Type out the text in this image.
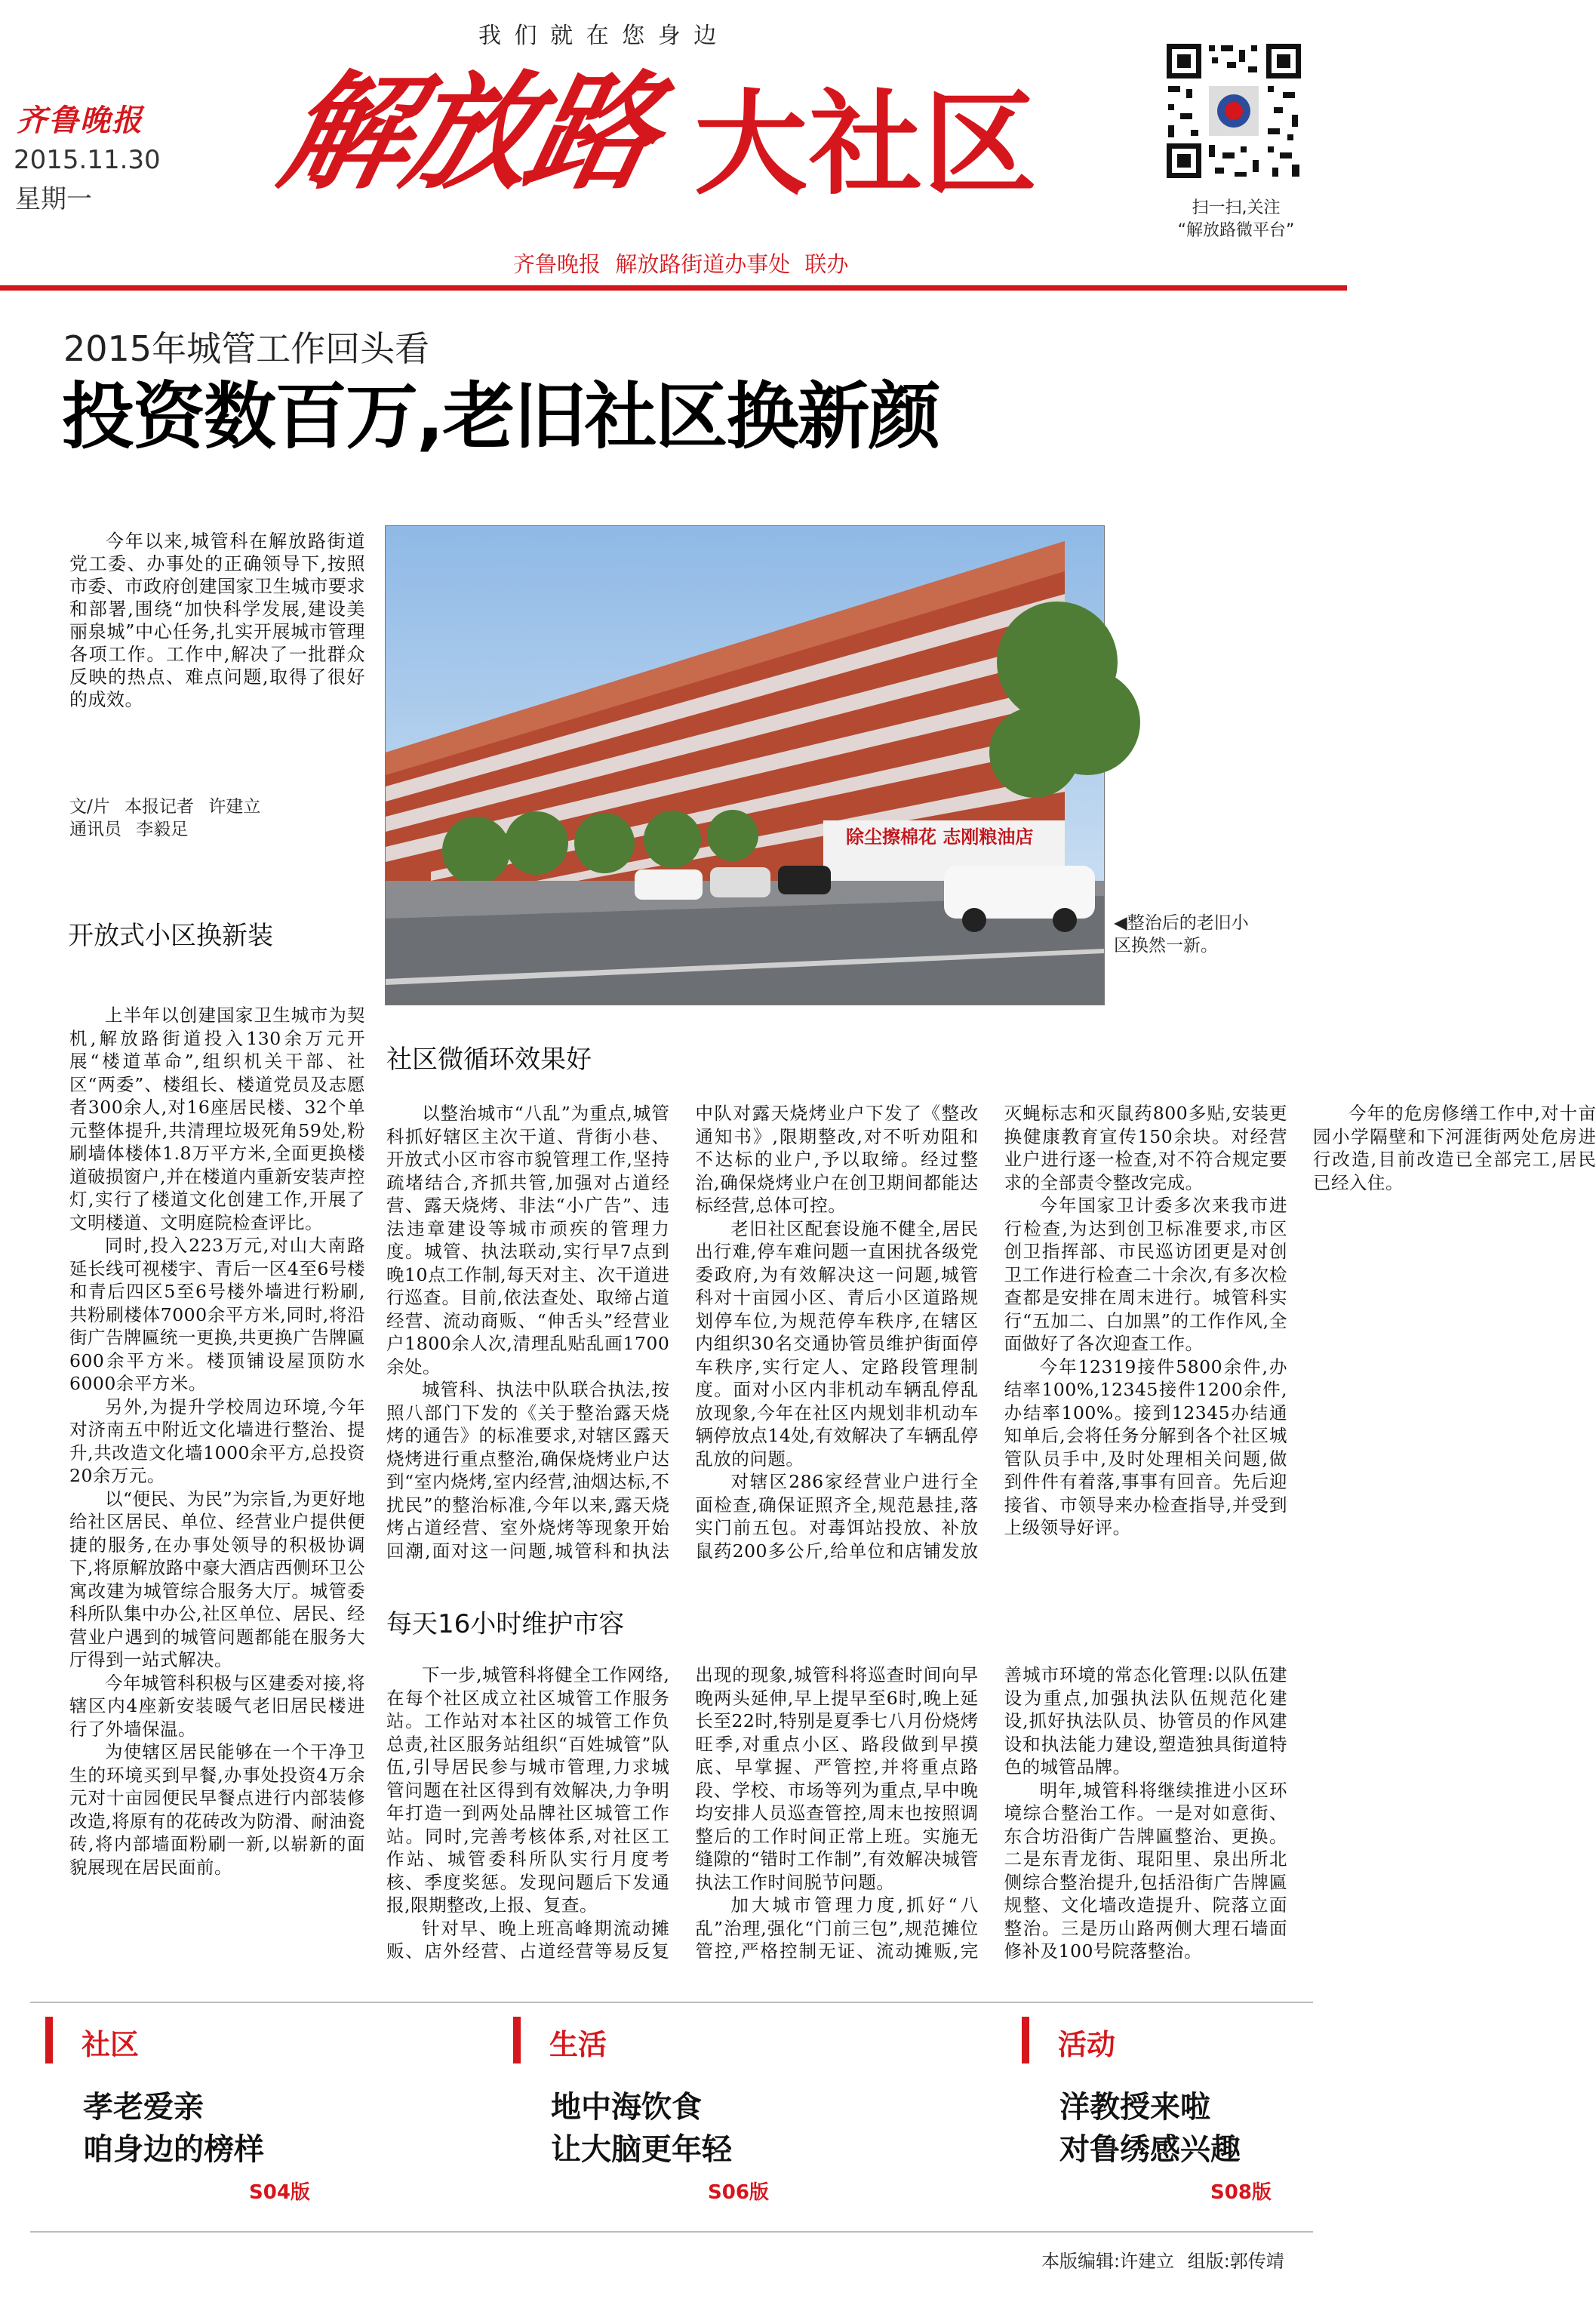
我 们 就 在 您 身 边
齐鲁晚报
2015.11.30
星期一 解放路 大社区
齐鲁晚报 解放路街道办事处 联办
扫一扫,关注
“解放路微平台”
2015年城管工作回头看
投资数百万,老旧社区换新颜

今年以来,城管科在解放路街道党工委、办事处的正确领导下,按照市委、市政府创建国家卫生城市要求和部署,围绕“加快科学发展,建设美丽泉城”中心任务,扎实开展城市管理各项工作。工作中,解决了一批群众反映的热点、难点问题,取得了很好的成效。

文/片 本报记者 许建立
通讯员 李毅足	除尘擦棉花 志刚粮油店
◀整治后的老旧小区换然一新。
开放式小区换新装

上半年以创建国家卫生城市为契机,解放路街道投入130余万元开展“楼道革命”,组织机关干部、社区“两委”、楼组长、楼道党员及志愿者300余人,对16座居民楼、32个单元整体提升,共清理垃圾死角59处,粉刷墙体楼体1.8万平方米,全面更换楼道破损窗户,并在楼道内重新安装声控灯,实行了楼道文化创建工作,开展了文明楼道、文明庭院检查评比。

同时,投入223万元,对山大南路延长线可视楼宇、青后一区4至6号楼和青后四区5至6号楼外墙进行粉刷,共粉刷楼体7000余平方米,同时,将沿街广告牌匾统一更换,共更换广告牌匾600余平方米。楼顶铺设屋顶防水6000余平方米。

另外,为提升学校周边环境,今年对济南五中附近文化墙进行整治、提升,共改造文化墙1000余平方,总投资20余万元。

以“便民、为民”为宗旨,为更好地给社区居民、单位、经营业户提供便捷的服务,在办事处领导的积极协调下,将原解放路中豪大酒店西侧环卫公寓改建为城管综合服务大厅。城管委科所队集中办公,社区单位、居民、经营业户遇到的城管问题都能在服务大厅得到一站式解决。

今年城管科积极与区建委对接,将辖区内4座新安装暖气老旧居民楼进行了外墙保温。

为使辖区居民能够在一个干净卫生的环境买到早餐,办事处投资4万余元对十亩园便民早餐点进行内部装修改造,将原有的花砖改为防滑、耐油瓷砖,将内部墙面粉刷一新,以崭新的面貌展现在居民面前。

社区微循环效果好

以整治城市“八乱”为重点,城管科抓好辖区主次干道、背街小巷、开放式小区市容市貌管理工作,坚持疏堵结合,齐抓共管,加强对占道经营、露天烧烤、非法“小广告”、违法违章建设等城市顽疾的管理力度。城管、执法联动,实行早7点到晚10点工作制,每天对主、次干道进行巡查。目前,依法查处、取缔占道经营、流动商贩、“伸舌头”经营业户1800余人次,清理乱贴乱画1700余处。

城管科、执法中队联合执法,按照八部门下发的《关于整治露天烧烤的通告》的标准要求,对辖区露天烧烤进行重点整治,确保烧烤业户达到“室内烧烤,室内经营,油烟达标,不扰民”的整治标准,今年以来,露天烧烤占道经营、室外烧烤等现象开始回潮,面对这一问题,城管科和执法中队对露天烧烤业户下发了《整改通知书》,限期整改,对不听劝阻和不达标的业户,予以取缔。经过整治,确保烧烤业户在创卫期间都能达标经营,总体可控。

老旧社区配套设施不健全,居民出行难,停车难问题一直困扰各级党委政府,为有效解决这一问题,城管科对十亩园小区、青后小区道路规划停车位,为规范停车秩序,在辖区内组织30名交通协管员维护街面停车秩序,实行定人、定路段管理制度。面对小区内非机动车辆乱停乱放现象,今年在社区内规划非机动车辆停放点14处,有效解决了车辆乱停乱放的问题。

对辖区286家经营业户进行全面检查,确保证照齐全,规范悬挂,落实门前五包。对毒饵站投放、补放鼠药200多公斤,给单位和店铺发放灭蝇标志和灭鼠药800多贴,安装更换健康教育宣传150余块。对经营业户进行逐一检查,对不符合规定要求的全部责令整改完成。

今年国家卫计委多次来我市进行检查,为达到创卫标准要求,市区创卫指挥部、市民巡访团更是对创卫工作进行检查二十余次,有多次检查都是安排在周末进行。城管科实行“五加二、白加黑”的工作作风,全面做好了各次迎查工作。

今年12319接件5800余件,办结率100%,12345接件1200余件,办结率100%。接到12345办结通知单后,会将任务分解到各个社区城管队员手中,及时处理相关问题,做到件件有着落,事事有回音。先后迎接省、市领导来办检查指导,并受到上级领导好评。

今年的危房修缮工作中,对十亩园小学隔壁和下河涯街两处危房进行改造,目前改造已全部完工,居民已经入住。

每天16小时维护市容

下一步,城管科将健全工作网络,在每个社区成立社区城管工作服务站。工作站对本社区的城管工作负总责,社区服务站组织“百姓城管”队伍,引导居民参与城市管理,力求城管问题在社区得到有效解决,力争明年打造一到两处品牌社区城管工作站。同时,完善考核体系,对社区工作站、城管委科所队实行月度考核、季度奖惩。发现问题后下发通报,限期整改,上报、复查。

针对早、晚上班高峰期流动摊贩、店外经营、占道经营等易反复出现的现象,城管科将巡查时间向早晚两头延伸,早上提早至6时,晚上延长至22时,特别是夏季七八月份烧烤旺季,对重点小区、路段做到早摸底、早掌握、严管控,并将重点路段、学校、市场等列为重点,早中晚均安排人员巡查管控,周末也按照调整后的工作时间正常上班。实施无缝隙的“错时工作制”,有效解决城管执法工作时间脱节问题。

加大城市管理力度,抓好“八乱”治理,强化“门前三包”,规范摊位管控,严格控制无证、流动摊贩,完善城市环境的常态化管理:以队伍建设为重点,加强执法队伍规范化建设,抓好执法队员、协管员的作风建设和执法能力建设,塑造独具街道特色的城管品牌。

明年,城管科将继续推进小区环境综合整治工作。一是对如意街、东合坊沿街广告牌匾整治、更换。二是东青龙街、琨阳里、泉出所北侧综合整治提升,包括沿街广告牌匾规整、文化墙改造提升、院落立面整治。三是历山路两侧大理石墙面修补及100号院落整治。

社区
孝老爱亲
咱身边的榜样
S04版
生活
地中海饮食
让大脑更年轻
S06版
活动
洋教授来啦
对鲁绣感兴趣
S08版
本版编辑:许建立 组版:郭传靖
